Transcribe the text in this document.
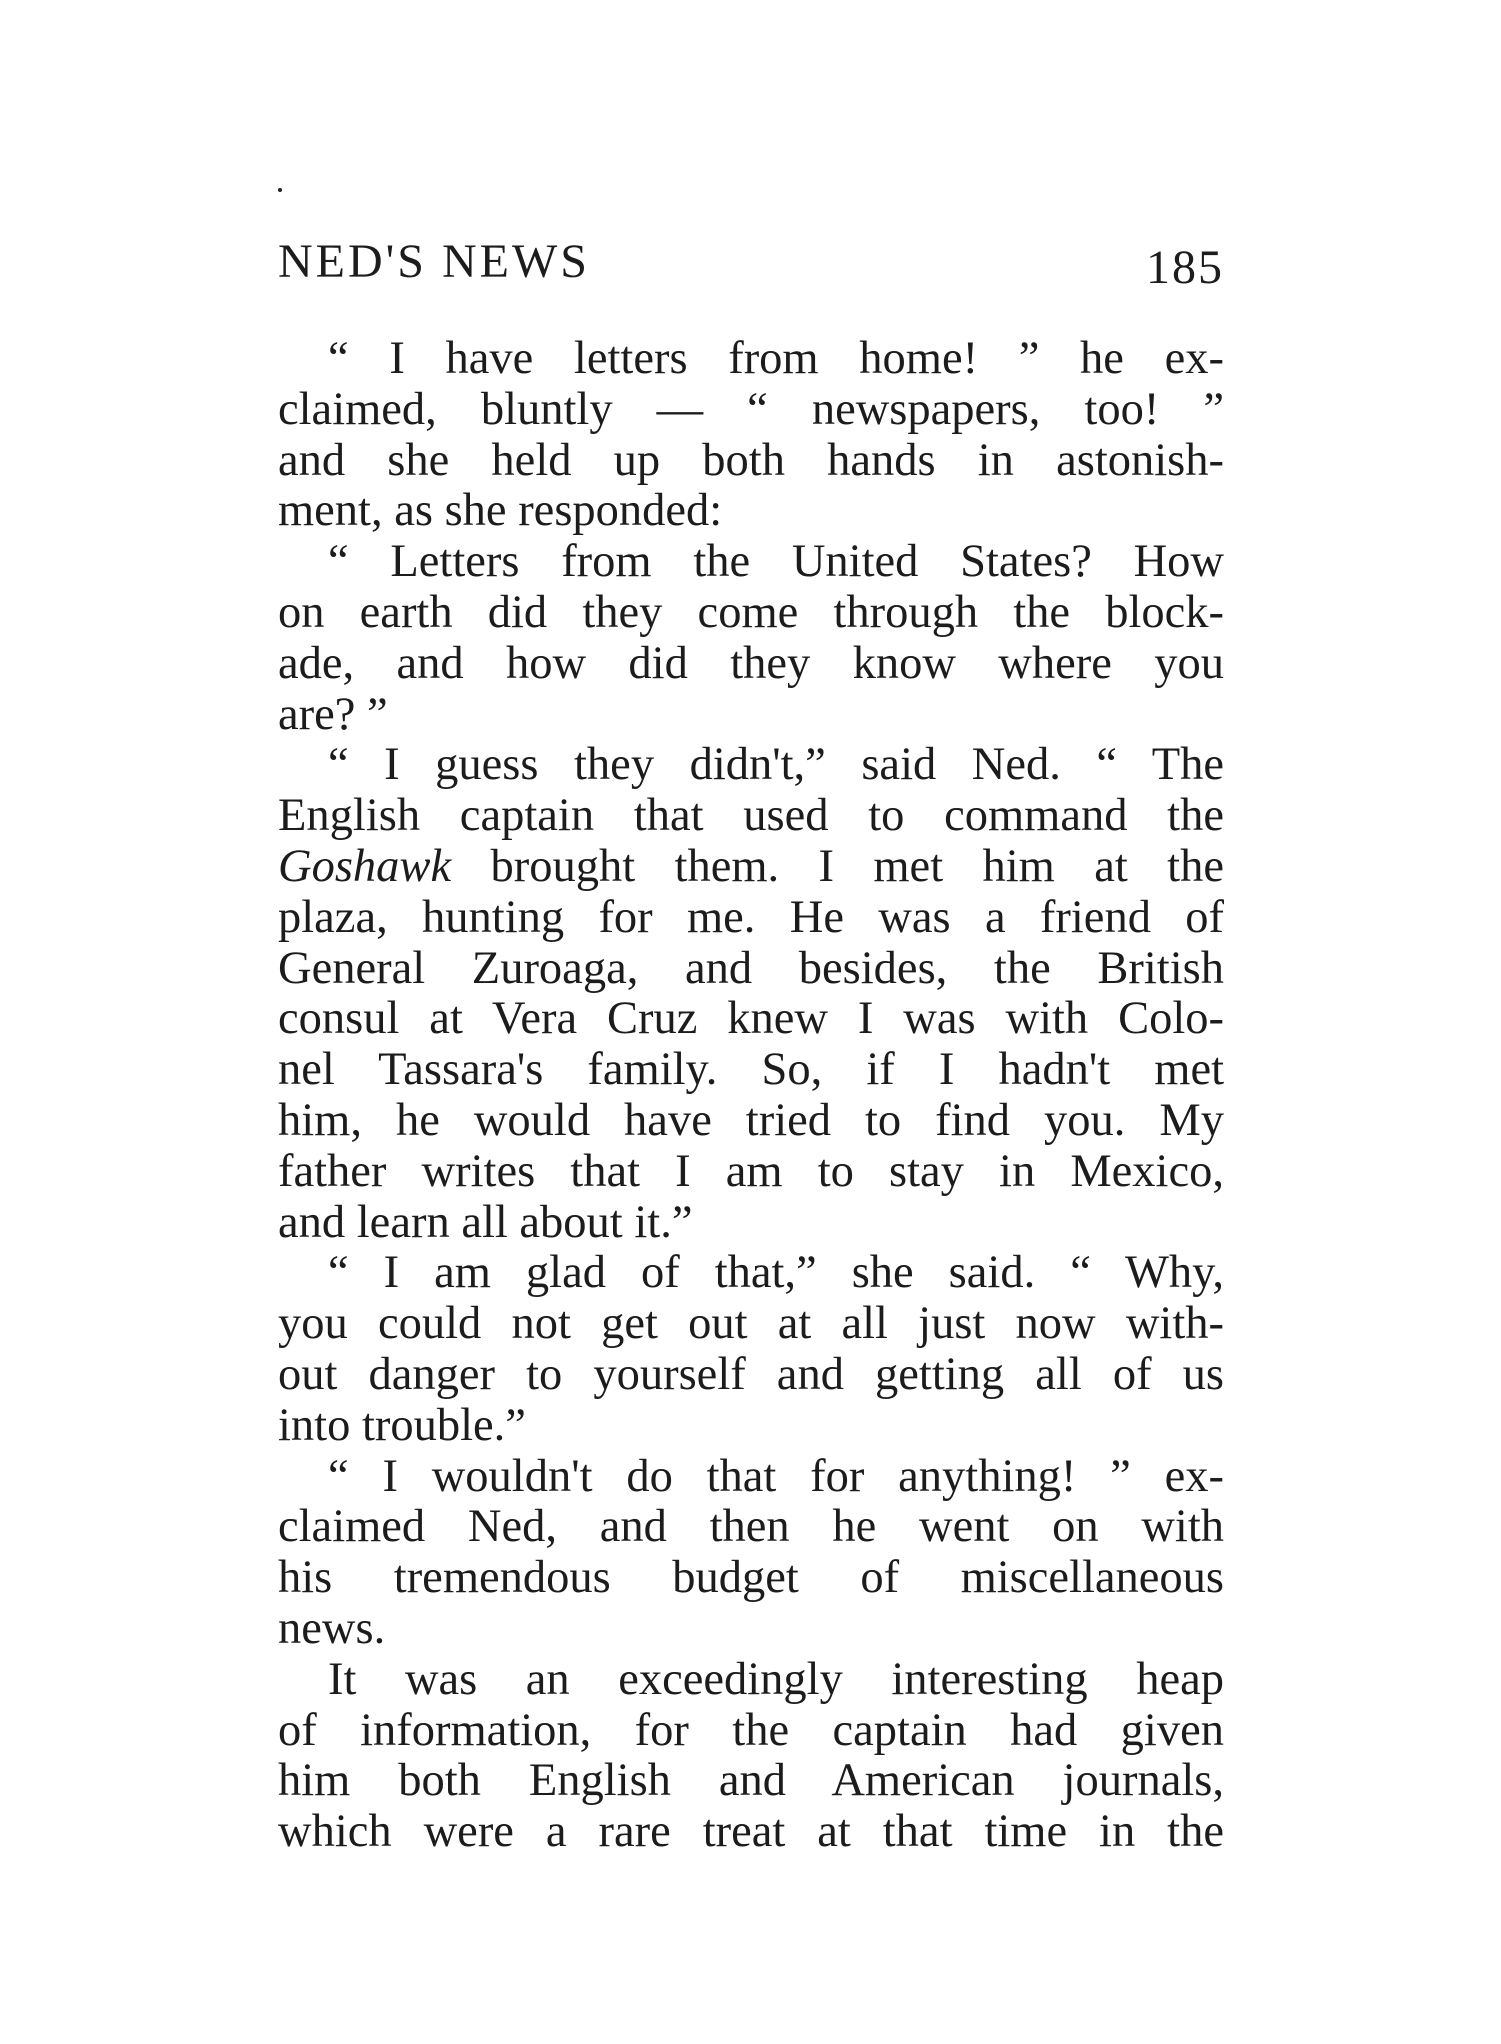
NED'S NEWS	185
“ I have letters from home! ” he ex-
claimed, bluntly — “ newspapers, too! ”
and she held up both hands in astonish-
ment, as she responded:
“ Letters from the United States? How
on earth did they come through the block-
ade, and how did they know where you
are? ”
“ I guess they didn't,” said Ned. “ The
English captain that used to command the
Goshawk brought them. I met him at the
plaza, hunting for me. He was a friend of
General Zuroaga, and besides, the British
consul at Vera Cruz knew I was with Colo-
nel Tassara's family. So, if I hadn't met
him, he would have tried to find you. My
father writes that I am to stay in Mexico,
and learn all about it.”
“ I am glad of that,” she said. “ Why,
you could not get out at all just now with-
out danger to yourself and getting all of us
into trouble.”
“ I wouldn't do that for anything! ” ex-
claimed Ned, and then he went on with
his tremendous budget of miscellaneous
news.
It was an exceedingly interesting heap
of information, for the captain had given
him both English and American journals,
which were a rare treat at that time in the
